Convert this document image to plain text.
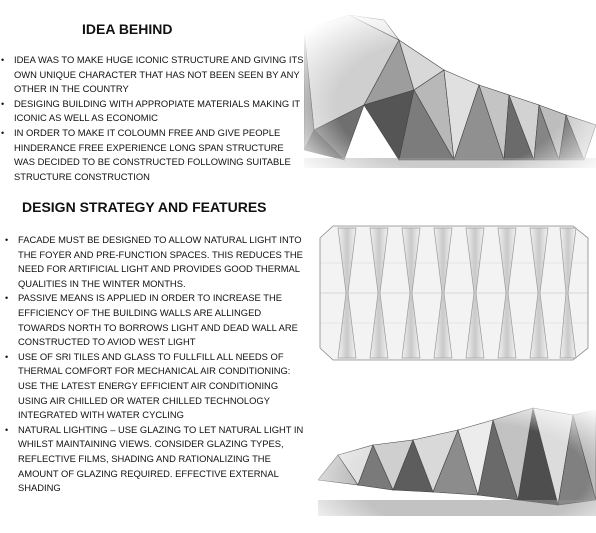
IDEA BEHIND
• IDEA WAS TO MAKE HUGE ICONIC STRUCTURE AND GIVING ITS OWN UNIQUE CHARACTER THAT HAS NOT BEEN SEEN BY ANY OTHER IN THE COUNTRY
• DESIGING BUILDING WITH APPROPIATE MATERIALS MAKING IT ICONIC AS WELL AS ECONOMIC
• IN ORDER TO MAKE IT COLOUMN FREE AND GIVE PEOPLE HINDERANCE FREE EXPERIENCE LONG SPAN STRUCTURE WAS DECIDED TO BE CONSTRUCTED FOLLOWING SUITABLE STRUCTURE CONSTRUCTION
DESIGN STRATEGY AND FEATURES
• FACADE MUST BE DESIGNED TO ALLOW NATURAL LIGHT INTO THE FOYER AND PRE-FUNCTION SPACES. THIS REDUCES THE NEED FOR ARTIFICIAL LIGHT AND PROVIDES GOOD THERMAL QUALITIES IN THE WINTER MONTHS.
• PASSIVE MEANS IS APPLIED IN ORDER TO INCREASE THE EFFICIENCY OF THE BUILDING WALLS ARE ALLINGED TOWARDS NORTH TO BORROWS LIGHT AND DEAD WALL ARE CONSTRUCTED TO AVIOD WEST LIGHT
• USE OF SRI TILES AND GLASS TO FULLFILL ALL NEEDS OF THERMAL COMFORT FOR MECHANICAL AIR CONDITIONING: USE THE LATEST ENERGY EFFICIENT AIR CONDITIONING USING AIR CHILLED OR WATER CHILLED TECHNOLOGY INTEGRATED WITH WATER CYCLING
• NATURAL LIGHTING – USE GLAZING TO LET NATURAL LIGHT IN WHILST MAINTAINING VIEWS. CONSIDER GLAZING TYPES, REFLECTIVE FILMS, SHADING AND RATIONALIZING THE AMOUNT OF GLAZING REQUIRED. EFFECTIVE EXTERNAL SHADING
